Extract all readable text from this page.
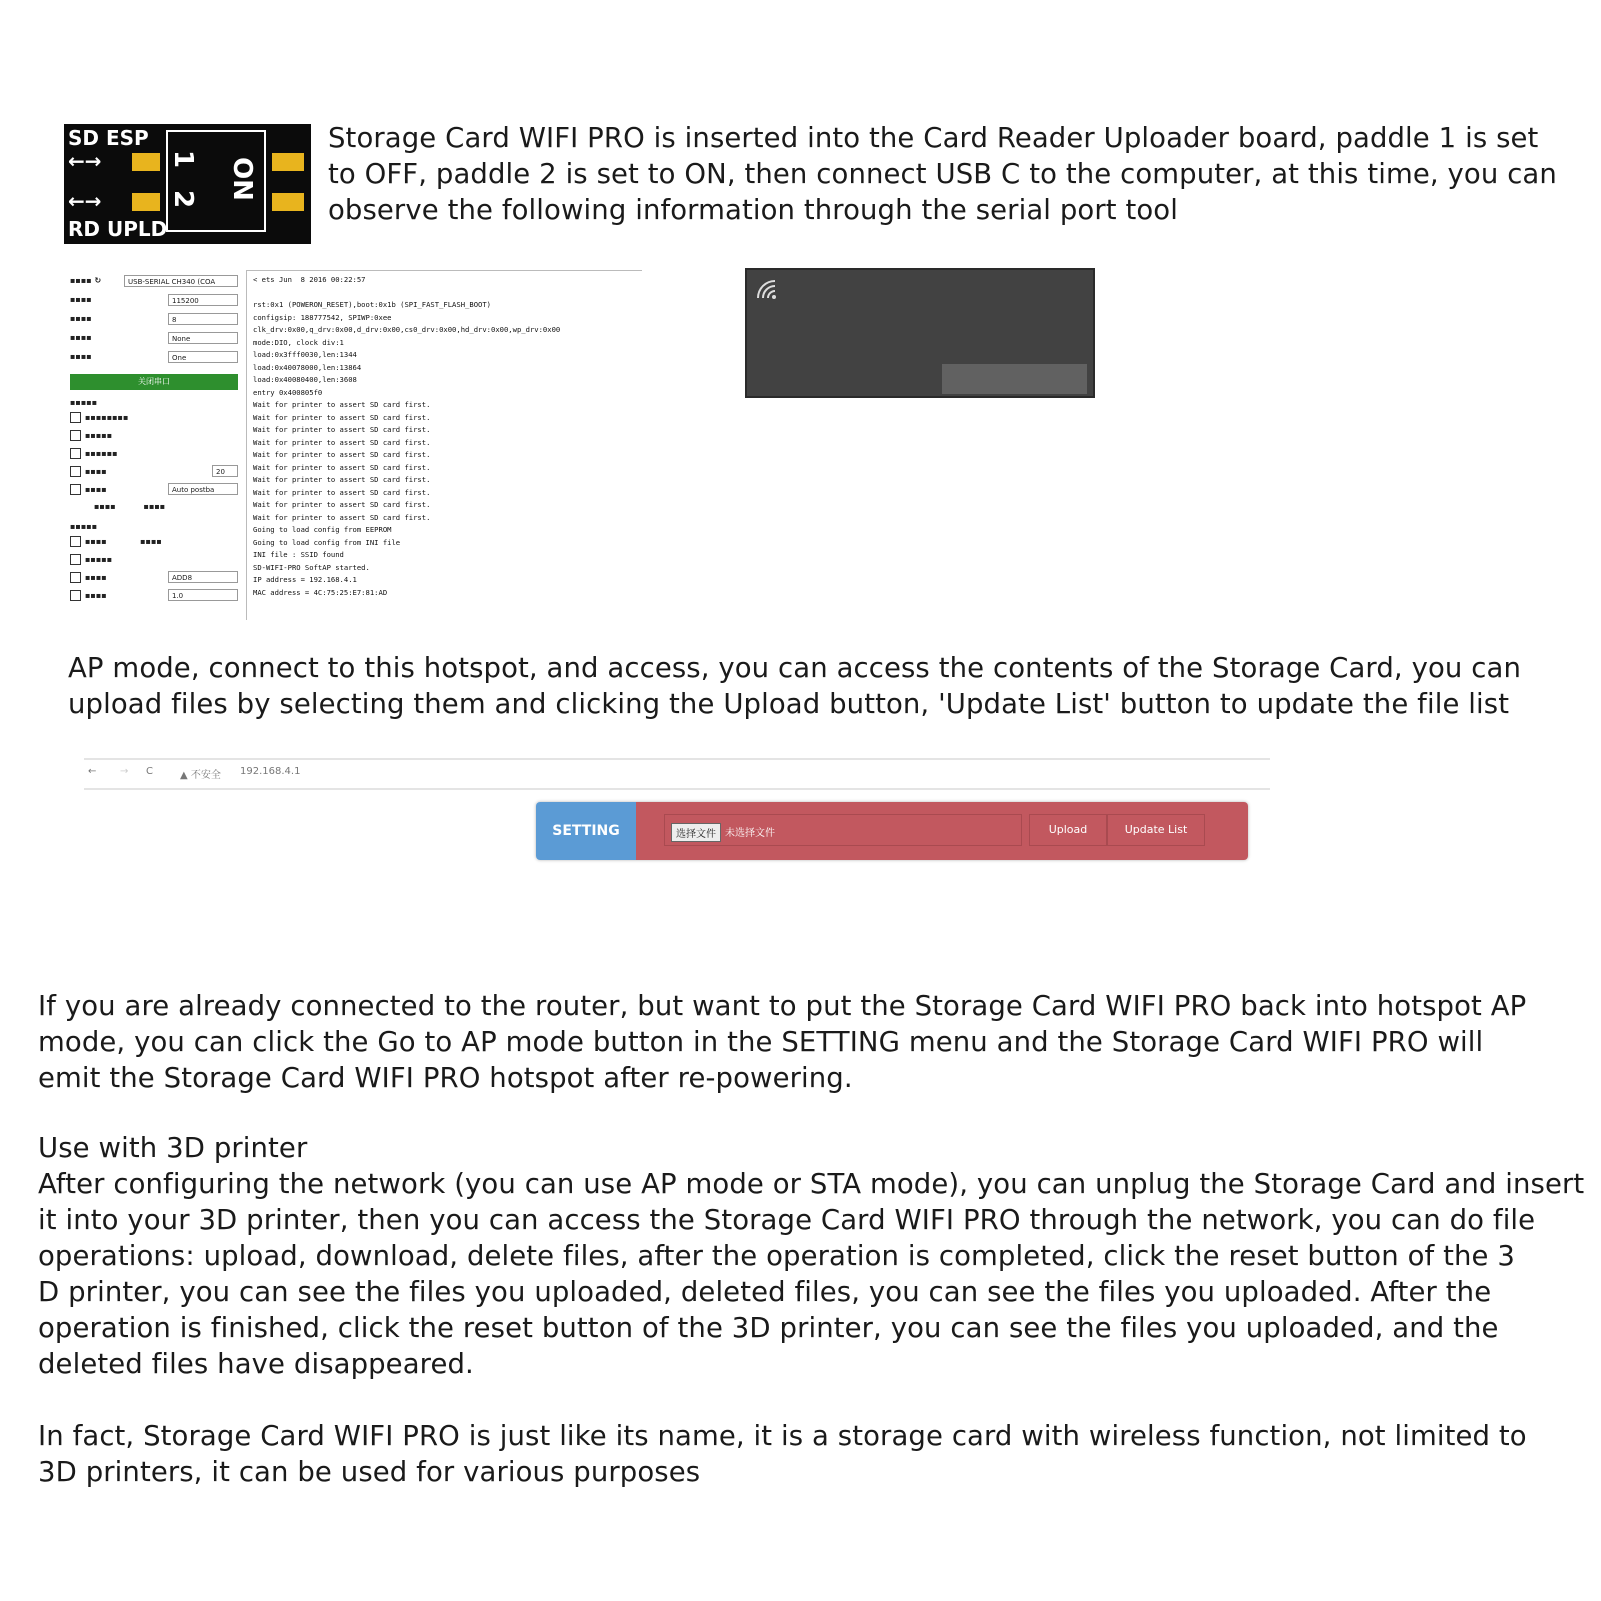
SD ESP
←→
←→
RD UPLD
1
2 ON
Storage Card WIFI PRO is inserted into the Card Reader Uploader board, paddle 1 is set
to OFF, paddle 2 is set to ON, then connect USB C to the computer, at this time, you can
observe the following information through the serial port tool
▪▪▪▪ ↻	USB-SERIAL CH340 (COA
▪▪▪▪	115200
▪▪▪▪	8
▪▪▪▪	None
▪▪▪▪	One
关闭串口
▪▪▪▪▪
▪▪▪▪▪▪▪▪
▪▪▪▪▪
▪▪▪▪▪▪
▪▪▪▪	20
▪▪▪▪	Auto postba
▪▪▪▪          ▪▪▪▪
▪▪▪▪▪
▪▪▪▪            ▪▪▪▪
▪▪▪▪▪
▪▪▪▪	ADD8
▪▪▪▪	1.0
< ets Jun  8 2016 00:22:57

rst:0x1 (POWERON_RESET),boot:0x1b (SPI_FAST_FLASH_BOOT)
configsip: 188777542, SPIWP:0xee
clk_drv:0x00,q_drv:0x00,d_drv:0x00,cs0_drv:0x00,hd_drv:0x00,wp_drv:0x00
mode:DIO, clock div:1
load:0x3fff0030,len:1344
load:0x40078000,len:13864
load:0x40080400,len:3608
entry 0x400805f0
Wait for printer to assert SD card first.
Wait for printer to assert SD card first.
Wait for printer to assert SD card first.
Wait for printer to assert SD card first.
Wait for printer to assert SD card first.
Wait for printer to assert SD card first.
Wait for printer to assert SD card first.
Wait for printer to assert SD card first.
Wait for printer to assert SD card first.
Wait for printer to assert SD card first.
Going to load config from EEPROM
Going to load config from INI file
INI file : SSID found
SD-WIFI-PRO SoftAP started.
IP address = 192.168.4.1
MAC address = 4C:75:25:E7:81:AD
AP mode, connect to this hotspot, and access, you can access the contents of the Storage Card, you can
upload files by selecting them and clicking the Upload button, 'Update List' button to update the file list
← → C	▲ 不安全 192.168.4.1
SETTING	选择文件 未选择文件	Upload	Update List
If you are already connected to the router, but want to put the Storage Card WIFI PRO back into hotspot AP
mode, you can click the Go to AP mode button in the SETTING menu and the Storage Card WIFI PRO will
emit the Storage Card WIFI PRO hotspot after re-powering.
Use with 3D printer
After configuring the network (you can use AP mode or STA mode), you can unplug the Storage Card and insert
it into your 3D printer, then you can access the Storage Card WIFI PRO through the network, you can do file
operations: upload, download, delete files, after the operation is completed, click the reset button of the 3
D printer, you can see the files you uploaded, deleted files, you can see the files you uploaded. After the
operation is finished, click the reset button of the 3D printer, you can see the files you uploaded, and the
deleted files have disappeared.
In fact, Storage Card WIFI PRO is just like its name, it is a storage card with wireless function, not limited to
3D printers, it can be used for various purposes
